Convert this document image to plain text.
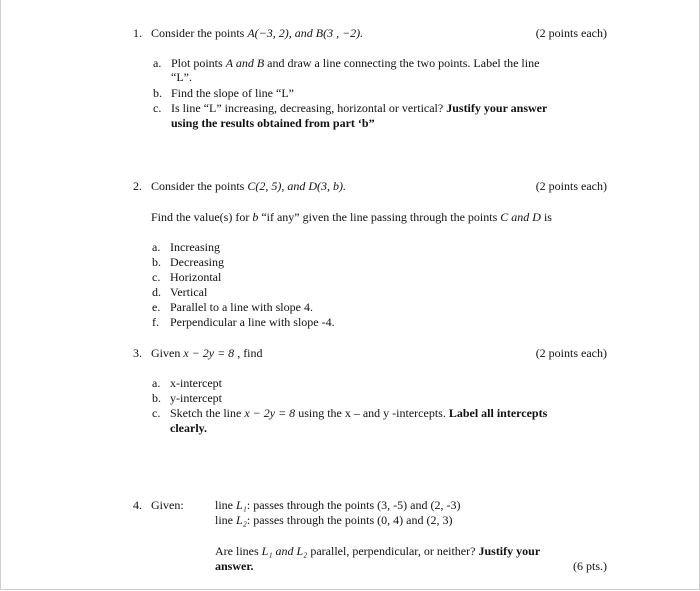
1. Consider the points A(−3, 2), and B(3 , −2).	(2 points each)
a. Plot points A and B and draw a line connecting the two points. Label the line
“L”.
b. Find the slope of line “L”
c. Is line “L” increasing, decreasing, horizontal or vertical? Justify your answer
using the results obtained from part ‘b”
2. Consider the points C(2, 5), and D(3, b).	(2 points each)
Find the value(s) for b “if any” given the line passing through the points C and D is
a. Increasing
b. Decreasing
c. Horizontal
d. Vertical
e. Parallel to a line with slope 4.
f. Perpendicular a line with slope -4.
3. Given x − 2y = 8 , find	(2 points each)
a. x-intercept
b. y-intercept
c. Sketch the line x − 2y = 8 using the x – and y -intercepts. Label all intercepts
clearly.
4. Given:	line L₁: passes through the points (3, -5) and (2, -3)
line L₂: passes through the points (0, 4) and (2, 3)
Are lines L₁ and L₂ parallel, perpendicular, or neither? Justify your
answer.	(6 pts.)
